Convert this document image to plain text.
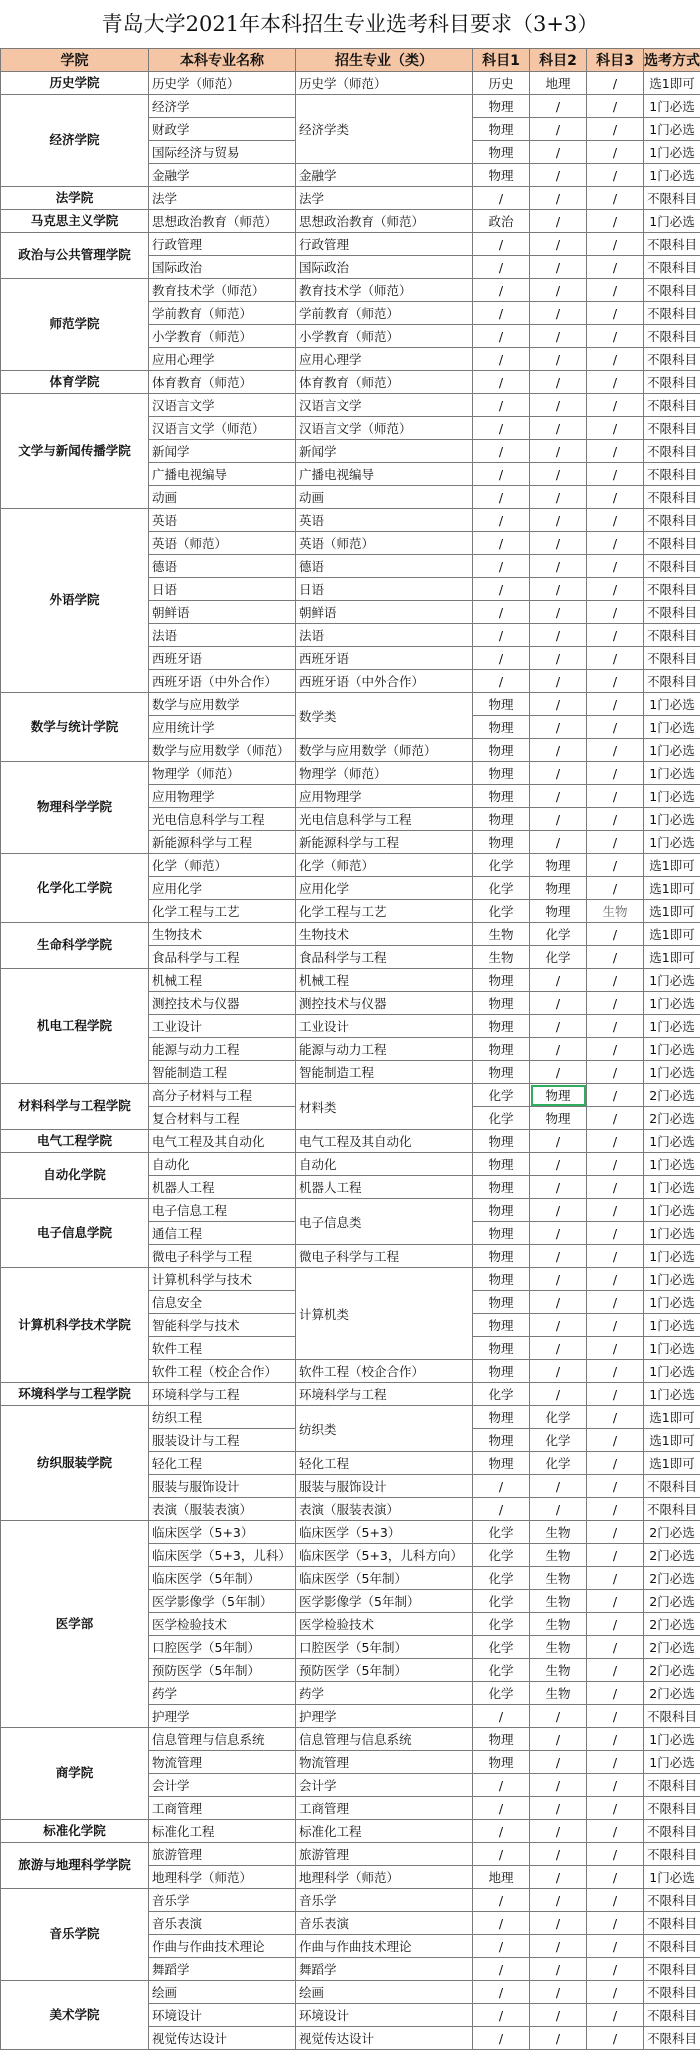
青岛大学2021年本科招生专业选考科目要求（3+3）
学院	本科专业名称	招生专业（类）	科目1	科目2	科目3	选考方式
历史学院	历史学（师范）	历史学（师范）	历史	地理	/	选1即可
经济学院	经济学	经济学类	物理	/	/	1门必选
	财政学		物理	/	/	1门必选
	国际经济与贸易		物理	/	/	1门必选
	金融学	金融学	物理	/	/	1门必选
法学院	法学	法学	/	/	/	不限科目
马克思主义学院	思想政治教育（师范）	思想政治教育（师范）	政治	/	/	1门必选
政治与公共管理学院	行政管理	行政管理	/	/	/	不限科目
	国际政治	国际政治	/	/	/	不限科目
师范学院	教育技术学（师范）	教育技术学（师范）	/	/	/	不限科目
	学前教育（师范）	学前教育（师范）	/	/	/	不限科目
	小学教育（师范）	小学教育（师范）	/	/	/	不限科目
	应用心理学	应用心理学	/	/	/	不限科目
体育学院	体育教育（师范）	体育教育（师范）	/	/	/	不限科目
文学与新闻传播学院	汉语言文学	汉语言文学	/	/	/	不限科目
	汉语言文学（师范）	汉语言文学（师范）	/	/	/	不限科目
	新闻学	新闻学	/	/	/	不限科目
	广播电视编导	广播电视编导	/	/	/	不限科目
	动画	动画	/	/	/	不限科目
外语学院	英语	英语	/	/	/	不限科目
	英语（师范）	英语（师范）	/	/	/	不限科目
	德语	德语	/	/	/	不限科目
	日语	日语	/	/	/	不限科目
	朝鲜语	朝鲜语	/	/	/	不限科目
	法语	法语	/	/	/	不限科目
	西班牙语	西班牙语	/	/	/	不限科目
	西班牙语（中外合作）	西班牙语（中外合作）	/	/	/	不限科目
数学与统计学院	数学与应用数学	数学类	物理	/	/	1门必选
	应用统计学		物理	/	/	1门必选
	数学与应用数学（师范）	数学与应用数学（师范）	物理	/	/	1门必选
物理科学学院	物理学（师范）	物理学（师范）	物理	/	/	1门必选
	应用物理学	应用物理学	物理	/	/	1门必选
	光电信息科学与工程	光电信息科学与工程	物理	/	/	1门必选
	新能源科学与工程	新能源科学与工程	物理	/	/	1门必选
化学化工学院	化学（师范）	化学（师范）	化学	物理	/	选1即可
	应用化学	应用化学	化学	物理	/	选1即可
	化学工程与工艺	化学工程与工艺	化学	物理	生物	选1即可
生命科学学院	生物技术	生物技术	生物	化学	/	选1即可
	食品科学与工程	食品科学与工程	生物	化学	/	选1即可
机电工程学院	机械工程	机械工程	物理	/	/	1门必选
	测控技术与仪器	测控技术与仪器	物理	/	/	1门必选
	工业设计	工业设计	物理	/	/	1门必选
	能源与动力工程	能源与动力工程	物理	/	/	1门必选
	智能制造工程	智能制造工程	物理	/	/	1门必选
材料科学与工程学院	高分子材料与工程	材料类	化学	物理	/	2门必选
	复合材料与工程		化学	物理	/	2门必选
电气工程学院	电气工程及其自动化	电气工程及其自动化	物理	/	/	1门必选
自动化学院	自动化	自动化	物理	/	/	1门必选
	机器人工程	机器人工程	物理	/	/	1门必选
电子信息学院	电子信息工程	电子信息类	物理	/	/	1门必选
	通信工程		物理	/	/	1门必选
	微电子科学与工程	微电子科学与工程	物理	/	/	1门必选
计算机科学技术学院	计算机科学与技术	计算机类	物理	/	/	1门必选
	信息安全		物理	/	/	1门必选
	智能科学与技术		物理	/	/	1门必选
	软件工程		物理	/	/	1门必选
	软件工程（校企合作）	软件工程（校企合作）	物理	/	/	1门必选
环境科学与工程学院	环境科学与工程	环境科学与工程	化学	/	/	1门必选
纺织服装学院	纺织工程	纺织类	物理	化学	/	选1即可
	服装设计与工程		物理	化学	/	选1即可
	轻化工程	轻化工程	物理	化学	/	选1即可
	服装与服饰设计	服装与服饰设计	/	/	/	不限科目
	表演（服装表演）	表演（服装表演）	/	/	/	不限科目
医学部	临床医学（5+3）	临床医学（5+3）	化学	生物	/	2门必选
	临床医学（5+3，儿科）	临床医学（5+3，儿科方向）	化学	生物	/	2门必选
	临床医学（5年制）	临床医学（5年制）	化学	生物	/	2门必选
	医学影像学（5年制）	医学影像学（5年制）	化学	生物	/	2门必选
	医学检验技术	医学检验技术	化学	生物	/	2门必选
	口腔医学（5年制）	口腔医学（5年制）	化学	生物	/	2门必选
	预防医学（5年制）	预防医学（5年制）	化学	生物	/	2门必选
	药学	药学	化学	生物	/	2门必选
	护理学	护理学	/	/	/	不限科目
商学院	信息管理与信息系统	信息管理与信息系统	物理	/	/	1门必选
	物流管理	物流管理	物理	/	/	1门必选
	会计学	会计学	/	/	/	不限科目
	工商管理	工商管理	/	/	/	不限科目
标准化学院	标准化工程	标准化工程	/	/	/	不限科目
旅游与地理科学学院	旅游管理	旅游管理	/	/	/	不限科目
	地理科学（师范）	地理科学（师范）	地理	/	/	1门必选
音乐学院	音乐学	音乐学	/	/	/	不限科目
	音乐表演	音乐表演	/	/	/	不限科目
	作曲与作曲技术理论	作曲与作曲技术理论	/	/	/	不限科目
	舞蹈学	舞蹈学	/	/	/	不限科目
美术学院	绘画	绘画	/	/	/	不限科目
	环境设计	环境设计	/	/	/	不限科目
	视觉传达设计	视觉传达设计	/	/	/	不限科目
